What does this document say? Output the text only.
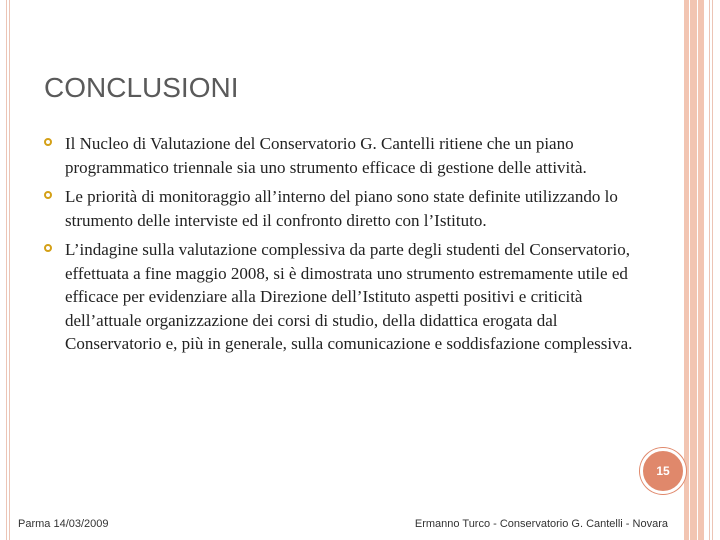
CONCLUSIONI
Il Nucleo di Valutazione del Conservatorio G. Cantelli ritiene che un piano programmatico triennale sia uno strumento efficace di gestione delle attività.
Le priorità di monitoraggio all’interno del piano sono state definite utilizzando lo strumento delle interviste ed il confronto diretto con l’Istituto.
L’indagine sulla valutazione complessiva da parte degli studenti del Conservatorio, effettuata a fine maggio 2008, si è dimostrata uno strumento estremamente utile ed efficace per evidenziare alla Direzione dell’Istituto aspetti positivi e criticità dell’attuale organizzazione dei corsi di studio, della didattica erogata dal Conservatorio e, più in generale, sulla comunicazione e soddisfazione complessiva.
15
Parma 14/03/2009	Ermanno Turco - Conservatorio G. Cantelli - Novara
